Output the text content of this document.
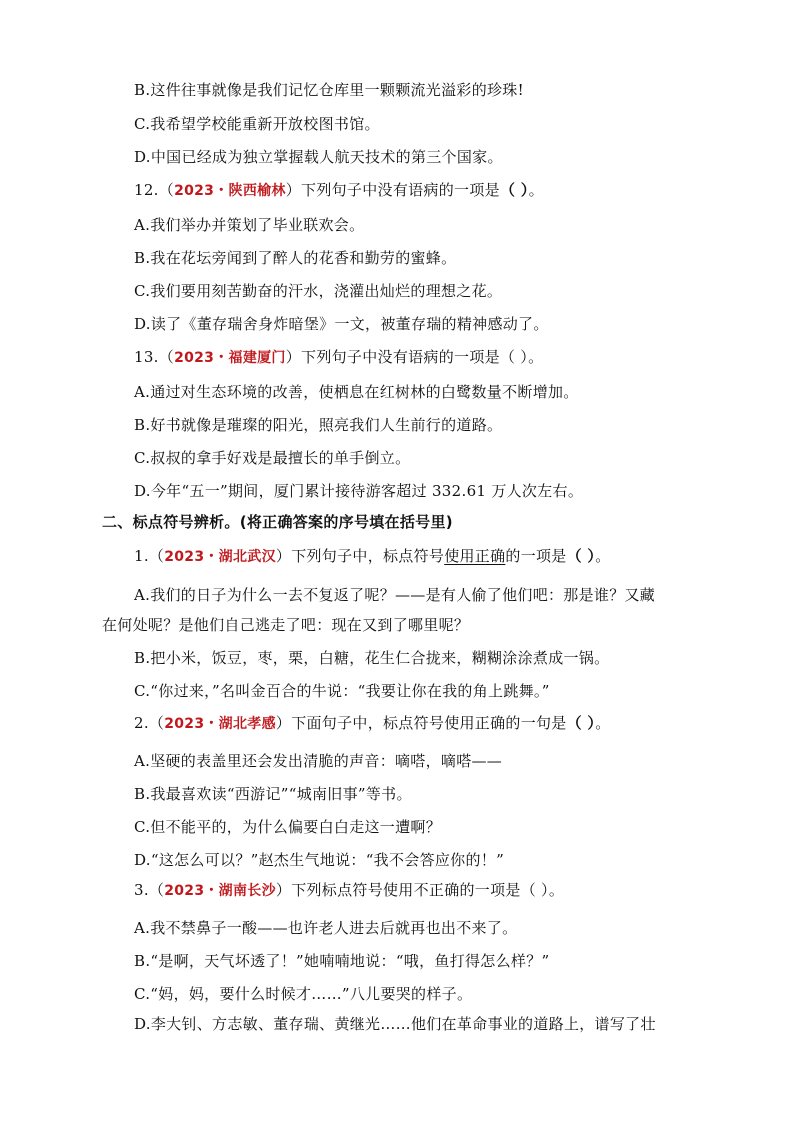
B.这件往事就像是我们记忆仓库里一颗颗流光溢彩的珍珠!
C.我希望学校能重新开放校图书馆。
D.中国已经成为独立掌握载人航天技术的第三个国家。
12.（2023・陕西榆林）下列句子中没有语病的一项是（ ）。
A.我们举办并策划了毕业联欢会。
B.我在花坛旁闻到了醉人的花香和勤劳的蜜蜂。
C.我们要用刻苦勤奋的汗水，浇灌出灿烂的理想之花。
D.读了《董存瑞舍身炸暗堡》一文，被董存瑞的精神感动了。
13.（2023・福建厦门）下列句子中没有语病的一项是（ ）。
A.通过对生态环境的改善，使栖息在红树林的白鹭数量不断增加。
B.好书就像是璀璨的阳光，照亮我们人生前行的道路。
C.叔叔的拿手好戏是最擅长的单手倒立。
D.今年“五一”期间，厦门累计接待游客超过 332.61 万人次左右。
二、标点符号辨析。(将正确答案的序号填在括号里)
1.（2023・湖北武汉）下列句子中，标点符号使用正确的一项是（ ）。
A.我们的日子为什么一去不复返了呢？——是有人偷了他们吧：那是谁？又藏
在何处呢？是他们自己逃走了吧：现在又到了哪里呢？
B.把小米，饭豆，枣，栗，白糖，花生仁合拢来，糊糊涂涂煮成一锅。
C.“你过来，”名叫金百合的牛说：“我要让你在我的角上跳舞。”
2.（2023・湖北孝感）下面句子中，标点符号使用正确的一句是（ ）。
A.坚硬的表盖里还会发出清脆的声音：嘀嗒，嘀嗒——
B.我最喜欢读“西游记”“城南旧事”等书。
C.但不能平的，为什么偏要白白走这一遭啊？
D.“这怎么可以？”赵杰生气地说：“我不会答应你的！”
3.（2023・湖南长沙）下列标点符号使用不正确的一项是（ ）。
A.我不禁鼻子一酸——也许老人进去后就再也出不来了。
B.“是啊，天气坏透了！”她喃喃地说：“哦，鱼打得怎么样？”
C.“妈，妈，要什么时候才……”八儿要哭的样子。
D.李大钊、方志敏、董存瑞、黄继光……他们在革命事业的道路上，谱写了壮
